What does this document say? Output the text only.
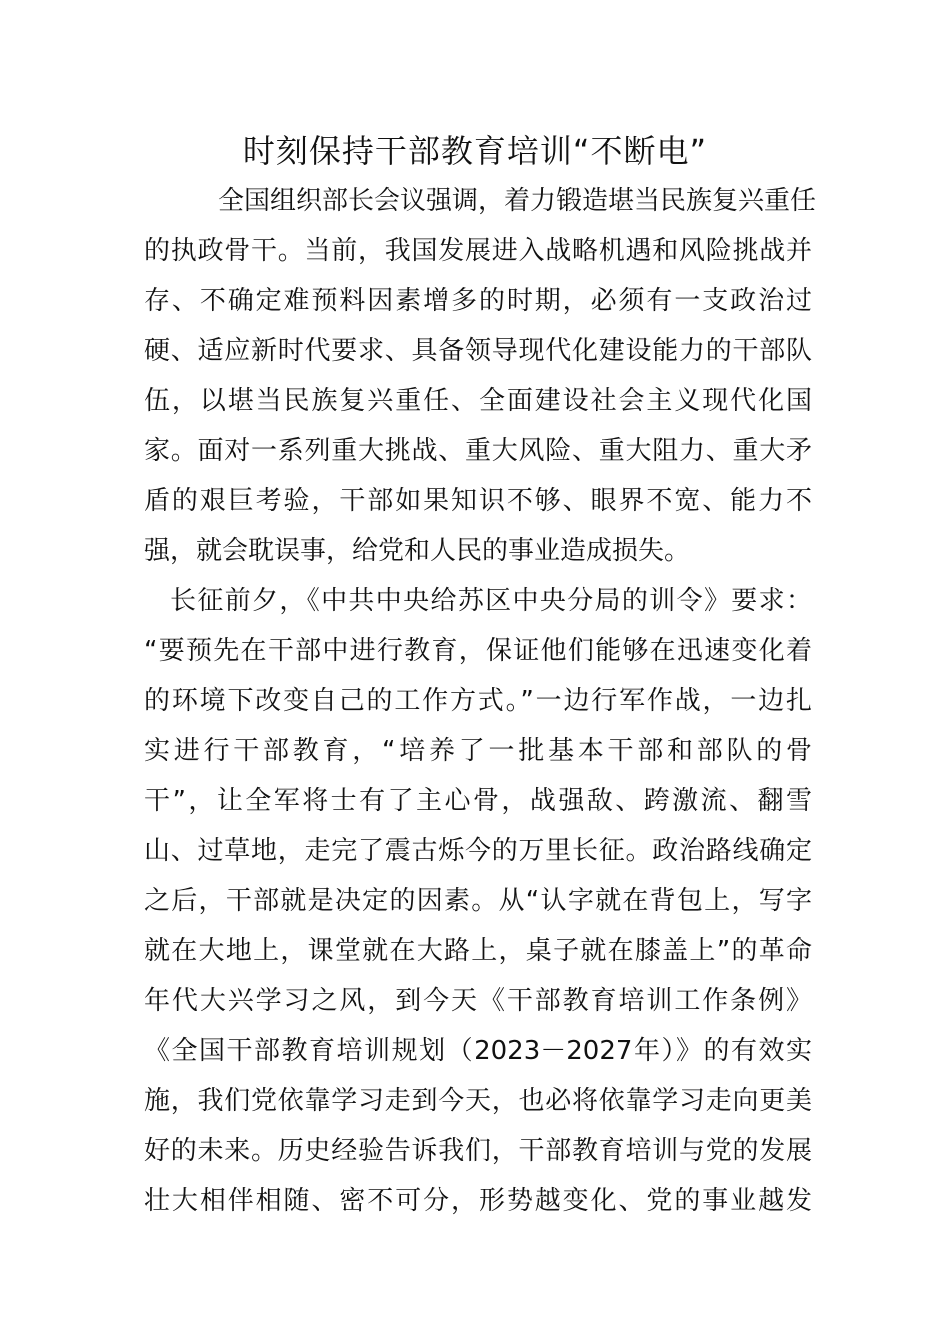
时刻保持干部教育培训“不断电”
全国组织部长会议强调，着力锻造堪当民族复兴重任
的执政骨干。当前，我国发展进入战略机遇和风险挑战并
存、不确定难预料因素增多的时期，必须有一支政治过
硬、适应新时代要求、具备领导现代化建设能力的干部队
伍，以堪当民族复兴重任、全面建设社会主义现代化国
家。面对一系列重大挑战、重大风险、重大阻力、重大矛
盾的艰巨考验，干部如果知识不够、眼界不宽、能力不
强，就会耽误事，给党和人民的事业造成损失。
长征前夕，《中共中央给苏区中央分局的训令》要求：
“要预先在干部中进行教育，保证他们能够在迅速变化着
的环境下改变自己的工作方式。”一边行军作战，一边扎
实进行干部教育，“培养了一批基本干部和部队的骨
干”，让全军将士有了主心骨，战强敌、跨激流、翻雪
山、过草地，走完了震古烁今的万里长征。政治路线确定
之后，干部就是决定的因素。从“认字就在背包上，写字
就在大地上，课堂就在大路上，桌子就在膝盖上”的革命
年代大兴学习之风，到今天《干部教育培训工作条例》
《全国干部教育培训规划（2023－2027年）》的有效实
施，我们党依靠学习走到今天，也必将依靠学习走向更美
好的未来。历史经验告诉我们，干部教育培训与党的发展
壮大相伴相随、密不可分，形势越变化、党的事业越发
